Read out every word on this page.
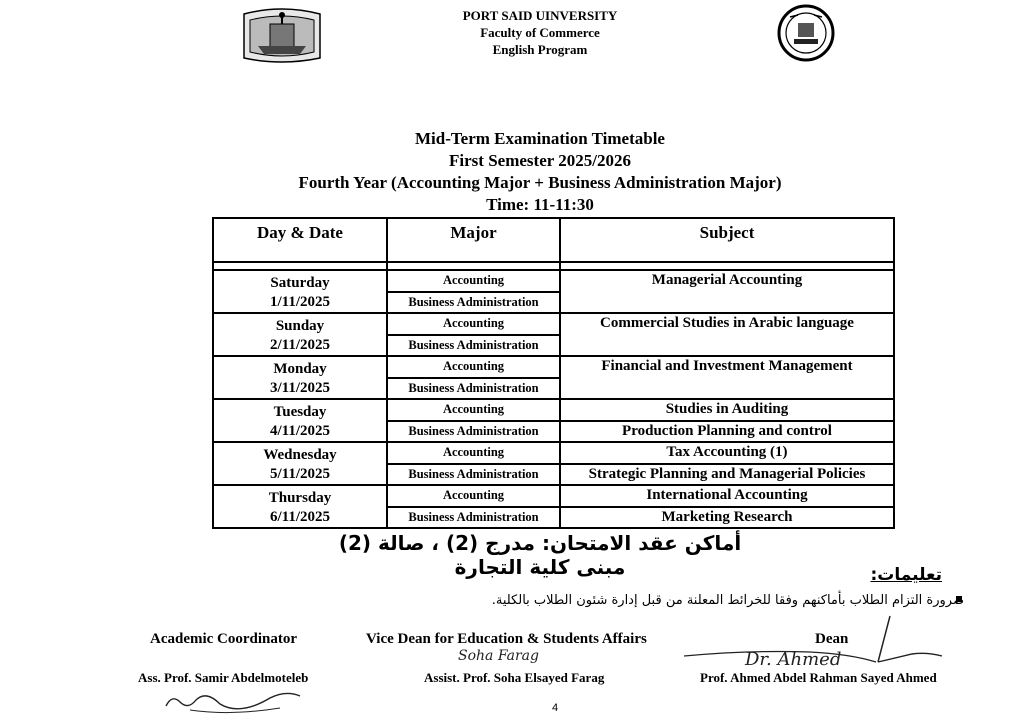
PORT SAID UINVERSITY
Faculty of Commerce
English Program
Mid-Term Examination Timetable
First Semester 2025/2026
Fourth Year (Accounting Major + Business Administration Major)
Time: 11-11:30
Day & Date	Major	Subject

Saturday
1/11/2025	Accounting	Managerial Accounting
	Business Administration	

Sunday
2/11/2025	Accounting	Commercial Studies in Arabic language
	Business Administration	

Monday
3/11/2025	Accounting	Financial and Investment Management
	Business Administration	

Tuesday
4/11/2025	Accounting	Studies in Auditing
	Business Administration	Production Planning and control

Wednesday
5/11/2025	Accounting	Tax Accounting (1)
	Business Administration	Strategic Planning and Managerial Policies

Thursday
6/11/2025	Accounting	International Accounting
	Business Administration	Marketing Research
أماكن عقد الامتحان: مدرج (2) ، صالة (2) مبنى كلية التجارة	تعليمات:
ضرورة التزام الطلاب بأماكنهم وفقا للخرائط المعلنة من قبل إدارة شئون الطلاب بالكلية.
Academic Coordinator	Vice Dean for Education & Students Affairs	Dean
Soha Farag	Dr. Ahmed
Ass. Prof. Samir Abdelmoteleb	Assist. Prof. Soha Elsayed Farag	Prof. Ahmed Abdel Rahman Sayed Ahmed
4
